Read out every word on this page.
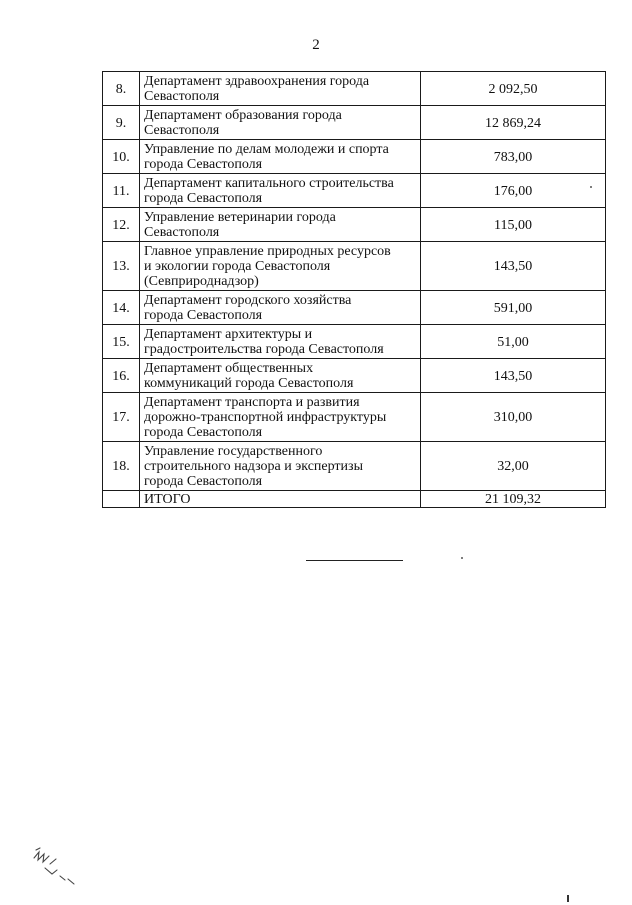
2
8.	Департамент здравоохранения города
Севастополя	2 092,50
9.	Департамент образования города
Севастополя	12 869,24
10.	Управление по делам молодежи и спорта
города Севастополя	783,00
11.	Департамент капитального строительства
города Севастополя	176,00
12.	Управление ветеринарии города
Севастополя	115,00
13.	Главное управление природных ресурсов
и экологии города Севастополя
(Севприроднадзор)	143,50
14.	Департамент городского хозяйства
города Севастополя	591,00
15.	Департамент архитектуры и
градостроительства города Севастополя	51,00
16.	Департамент общественных
коммуникаций города Севастополя	143,50
17.	Департамент транспорта и развития
дорожно-транспортной инфраструктуры
города Севастополя	310,00
18.	Управление государственного
строительного надзора и экспертизы
города Севастополя	32,00
	ИТОГО	21 109,32
